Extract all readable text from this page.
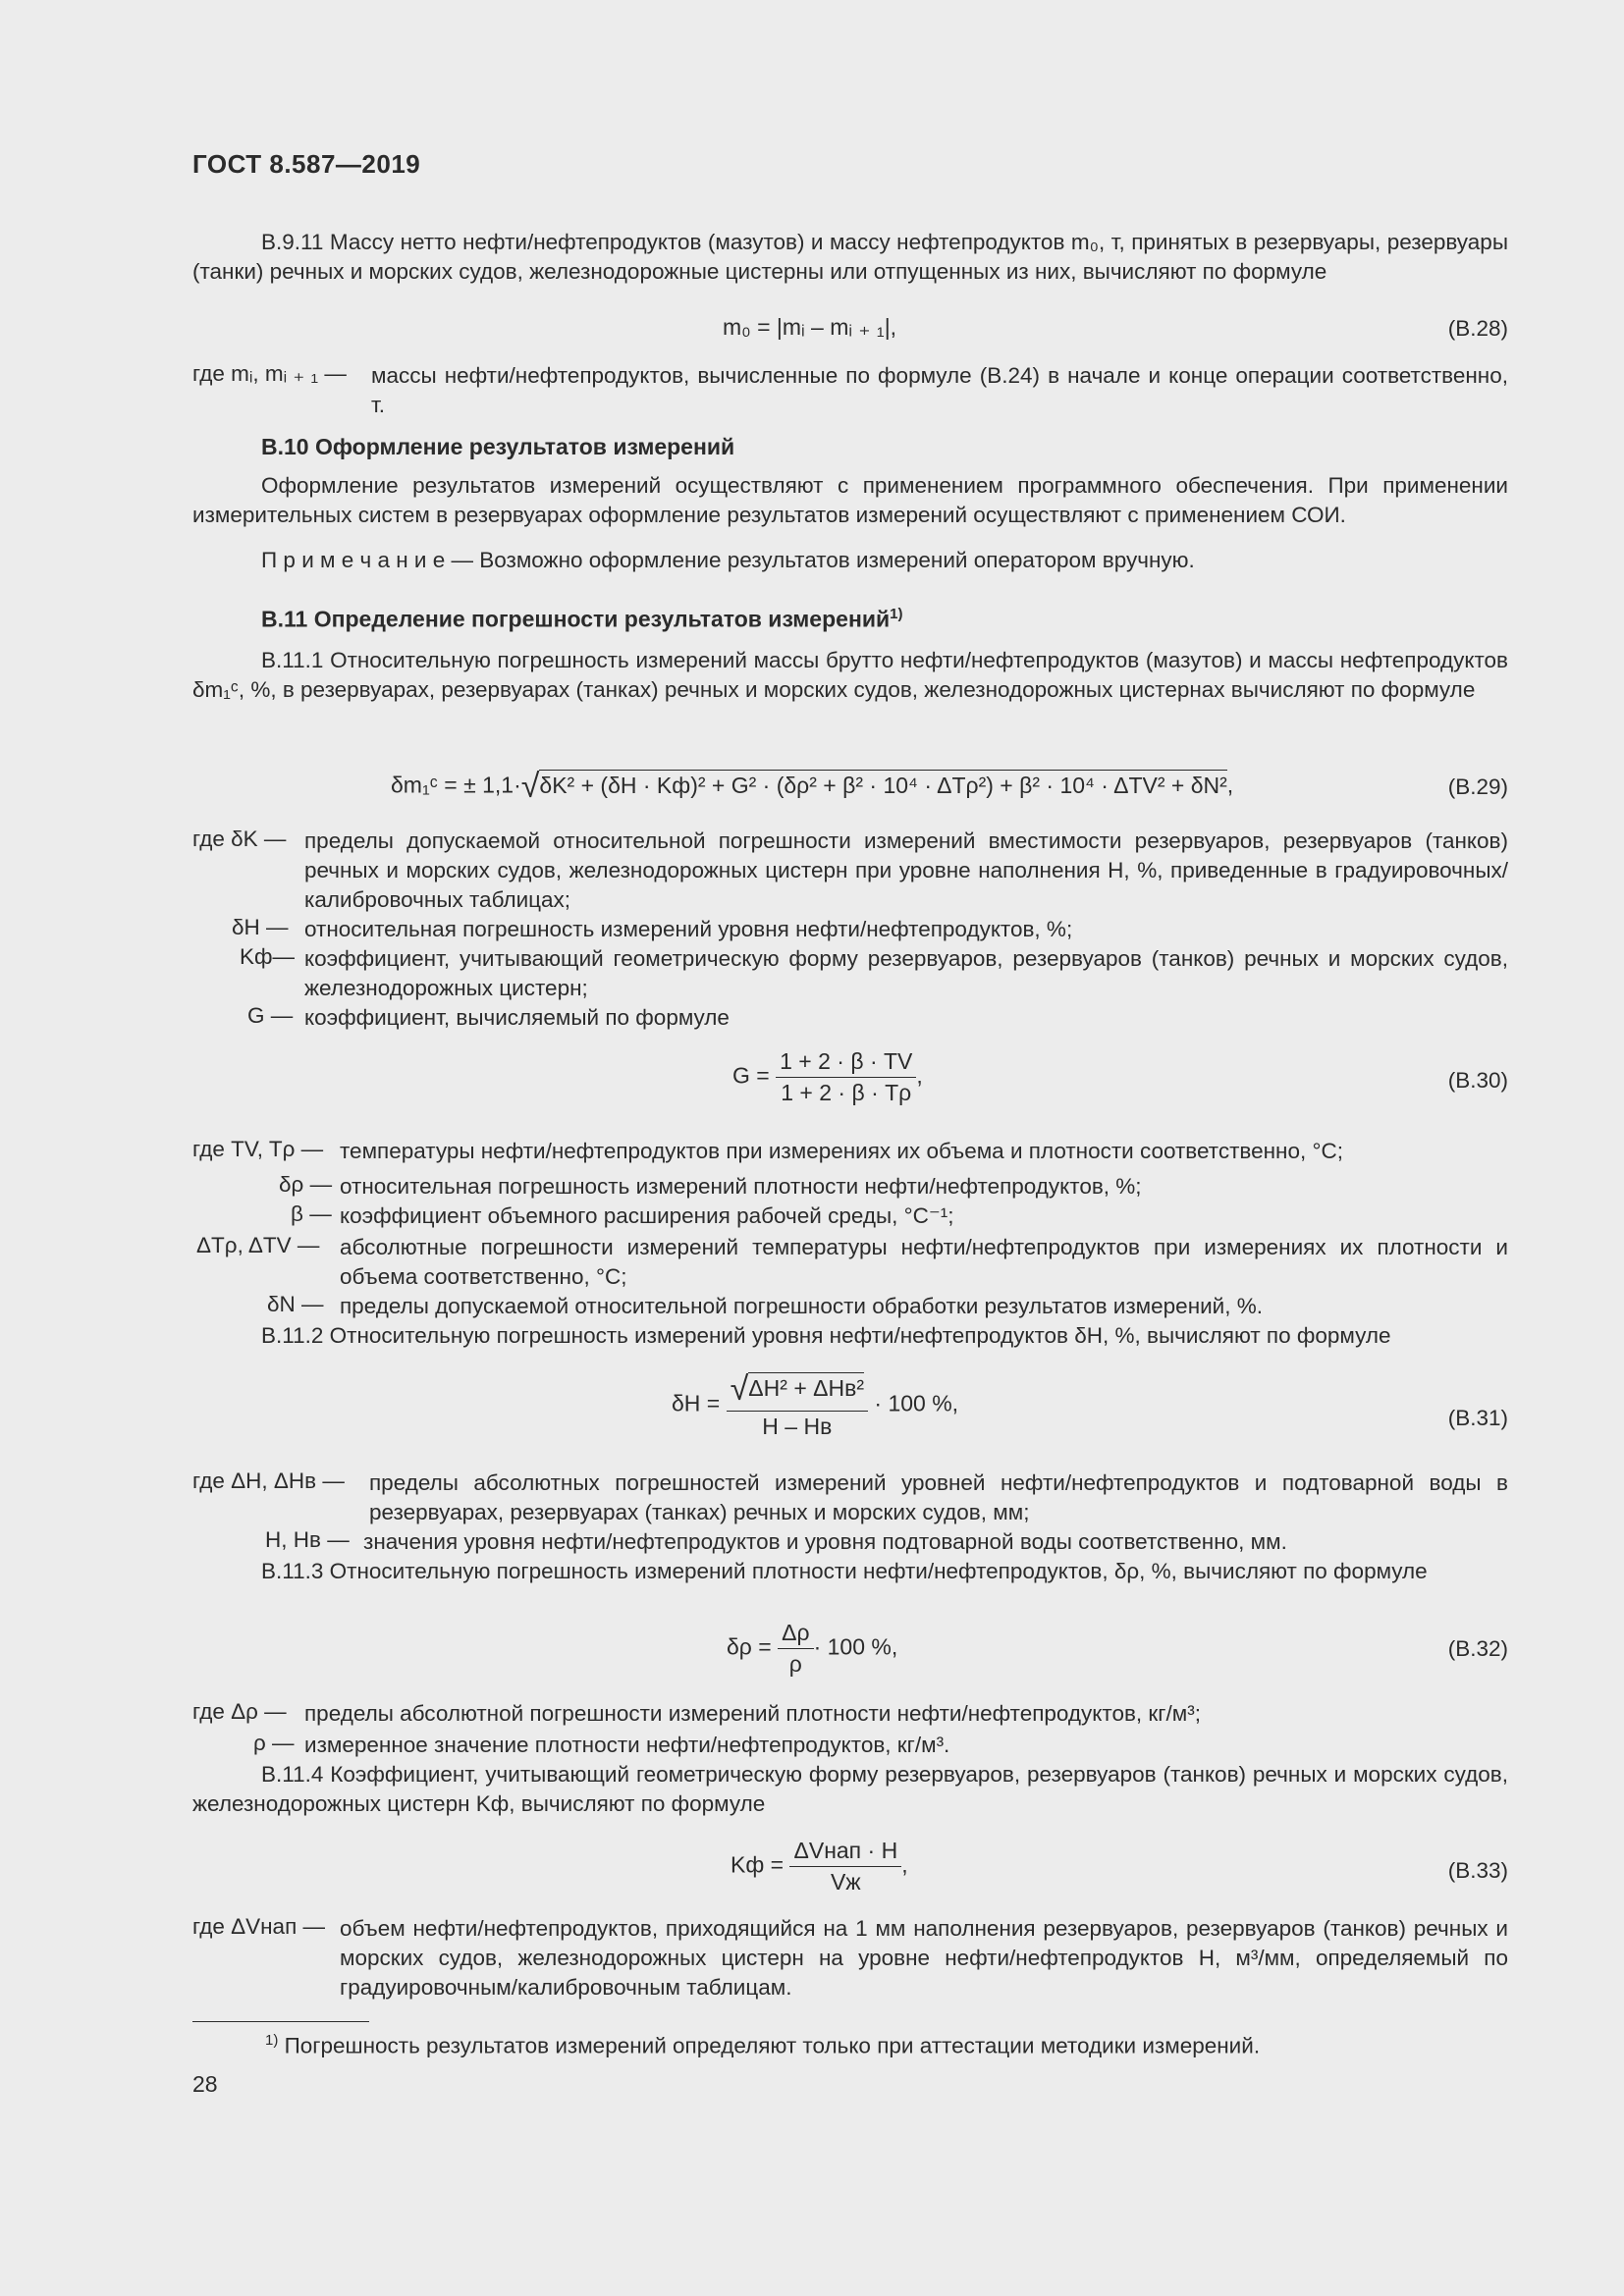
ГОСТ 8.587—2019
В.9.11 Массу нетто нефти/нефтепродуктов (мазутов) и массу нефтепродуктов m₀, т, принятых в резервуары, резервуары (танки) речных и морских судов, железнодорожные цистерны или отпущенных из них, вычисляют по формуле
m₀ = |mᵢ – mᵢ ₊ ₁|,	(В.28)
где mᵢ, mᵢ ₊ ₁ — массы нефти/нефтепродуктов, вычисленные по формуле (В.24) в начале и конце операции соответственно, т.
В.10 Оформление результатов измерений
Оформление результатов измерений осуществляют с применением программного обеспечения. При применении измерительных систем в резервуарах оформление результатов измерений осуществляют с применением СОИ.
П р и м е ч а н и е — Возможно оформление результатов измерений оператором вручную.
В.11 Определение погрешности результатов измерений$^{1)}$
В.11.1 Относительную погрешность измерений массы брутто нефти/нефтепродуктов (мазутов) и массы нефтепродуктов δm₁ᶜ, %, в резервуарах, резервуарах (танках) речных и морских судов, железнодорожных цистернах вычисляют по формуле
δm₁ᶜ = ± 1,1·√δK² + (δH · Kф)² + G² · (δρ² + β² · 10⁴ · ΔTρ²) + β² · 10⁴ · ΔTV² + δN²,	(В.29)
где δK — пределы допускаемой относительной погрешности измерений вместимости резервуаров, резервуаров (танков) речных и морских судов, железнодорожных цистерн при уровне наполнения H, %, приведенные в градуировочных/калибровочных таблицах;
δH — относительная погрешность измерений уровня нефти/нефтепродуктов, %;
Kф— коэффициент, учитывающий геометрическую форму резервуаров, резервуаров (танков) речных и морских судов, железнодорожных цистерн;
G — коэффициент, вычисляемый по формуле
$G = \frac{1 + 2 \cdot \beta \cdot TV}{1 + 2 \cdot \beta \cdot T\rho}$ ,	(В.30)
где TV, Tρ — температуры нефти/нефтепродуктов при измерениях их объема и плотности соответственно, °С;
δρ — относительная погрешность измерений плотности нефти/нефтепродуктов, %;
β — коэффициент объемного расширения рабочей среды, °С⁻¹;
ΔTρ, ΔTV — абсолютные погрешности измерений температуры нефти/нефтепродуктов при измерениях их плотности и объема соответственно, °С;
δN — пределы допускаемой относительной погрешности обработки результатов измерений, %.
В.11.2 Относительную погрешность измерений уровня нефти/нефтепродуктов δH, %, вычисляют по формуле
$\delta H = \frac{\text{√ΔH² + ΔHв²}}{H - Hв} \cdot 100$ %,
(В.31)
где ΔH, ΔHв — пределы абсолютных погрешностей измерений уровней нефти/нефтепродуктов и подтоварной воды в резервуарах, резервуарах (танках) речных и морских судов, мм;
H, Hв — значения уровня нефти/нефтепродуктов и уровня подтоварной воды соответственно, мм.
В.11.3 Относительную погрешность измерений плотности нефти/нефтепродуктов, δρ, %, вычисляют по формуле
$\delta\rho = \frac{\Delta\rho}{\rho} \cdot 100$ %,	(В.32)
где Δρ — пределы абсолютной погрешности измерений плотности нефти/нефтепродуктов, кг/м³;
ρ — измеренное значение плотности нефти/нефтепродуктов, кг/м³.
В.11.4 Коэффициент, учитывающий геометрическую форму резервуаров, резервуаров (танков) речных и морских судов, железнодорожных цистерн Kф, вычисляют по формуле
Kф = $\frac{\text{ΔVнап · H}}{Vж}$ ,	(В.33)
где ΔVнап — объем нефти/нефтепродуктов, приходящийся на 1 мм наполнения резервуаров, резервуаров (танков) речных и морских судов, железнодорожных цистерн на уровне нефти/нефтепродуктов H, м³/мм, определяемый по градуировочным/калибровочным таблицам.
$^{1)}$ Погрешность результатов измерений определяют только при аттестации методики измерений.
28
